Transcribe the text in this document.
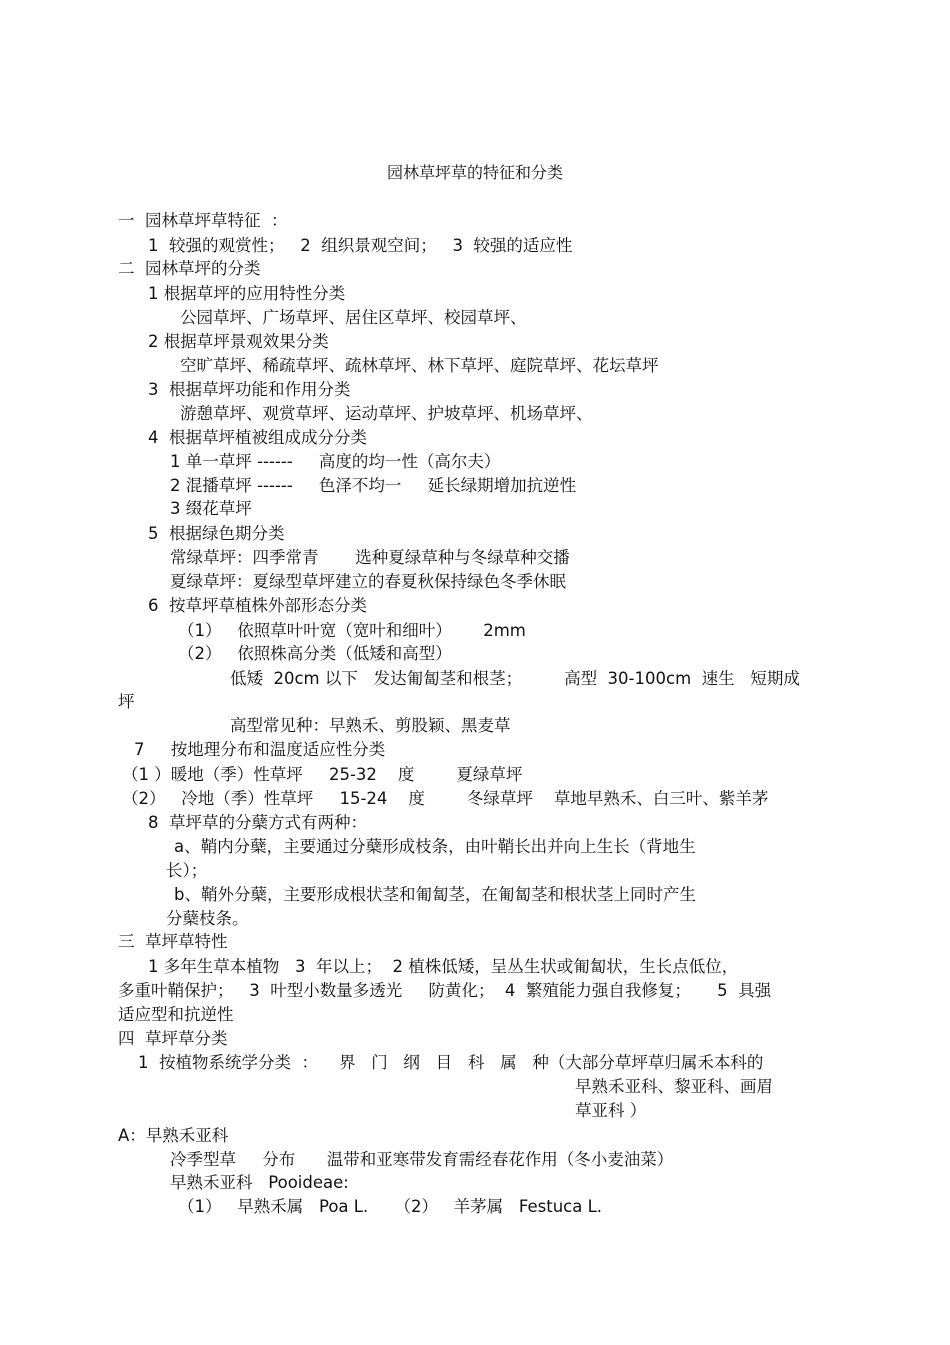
园林草坪草的特征和分类
一  园林草坪草特征  ：
1  较强的观赏性；   2  组织景观空间；   3  较强的适应性
二  园林草坪的分类
1 根据草坪的应用特性分类
公园草坪、广场草坪、居住区草坪、校园草坪、
2 根据草坪景观效果分类
空旷草坪、稀疏草坪、疏林草坪、林下草坪、庭院草坪、花坛草坪
3  根据草坪功能和作用分类
游憩草坪、观赏草坪、运动草坪、护坡草坪、机场草坪、
4  根据草坪植被组成成分分类
1 单一草坪 ------     高度的均一性（高尔夫）
2 混播草坪 ------     色泽不均一     延长绿期增加抗逆性
3 缀花草坪
5  根据绿色期分类
常绿草坪：四季常青       选种夏绿草种与冬绿草种交播
夏绿草坪：夏绿型草坪建立的春夏秋保持绿色冬季休眠
6  按草坪草植株外部形态分类
（1）   依照草叶叶宽（宽叶和细叶）      2mm
（2）   依照株高分类（低矮和高型）
低矮  20cm 以下   发达匍匐茎和根茎；        高型  30-100cm  速生   短期成
坪
高型常见种：早熟禾、剪股颖、黑麦草
7     按地理分布和温度适应性分类
（1 ）暖地（季）性草坪     25-32    度        夏绿草坪
（2）   冷地（季）性草坪     15-24    度        冬绿草坪    草地早熟禾、白三叶、紫羊茅
8  草坪草的分蘖方式有两种：
a、鞘内分蘖，主要通过分蘖形成枝条，由叶鞘长出并向上生长（背地生
长）；
b、鞘外分蘖，主要形成根状茎和匍匐茎，在匍匐茎和根状茎上同时产生
分蘖枝条。
三  草坪草特性
1 多年生草本植物   3  年以上；  2 植株低矮，呈丛生状或匍匐状，生长点低位，
多重叶鞘保护；   3  叶型小数量多透光     防黄化；  4  繁殖能力强自我修复；     5  具强
适应型和抗逆性
四  草坪草分类
1  按植物系统学分类  ：    界   门   纲   目   科   属   种（大部分草坪草归属禾本科的
早熟禾亚科、黎亚科、画眉
草亚科 ）
A：早熟禾亚科
冷季型草     分布      温带和亚寒带发育需经春花作用（冬小麦油菜）
早熟禾亚科   Pooideae:
（1）   早熟禾属   Poa L.     （2）   羊茅属   Festuca L.
